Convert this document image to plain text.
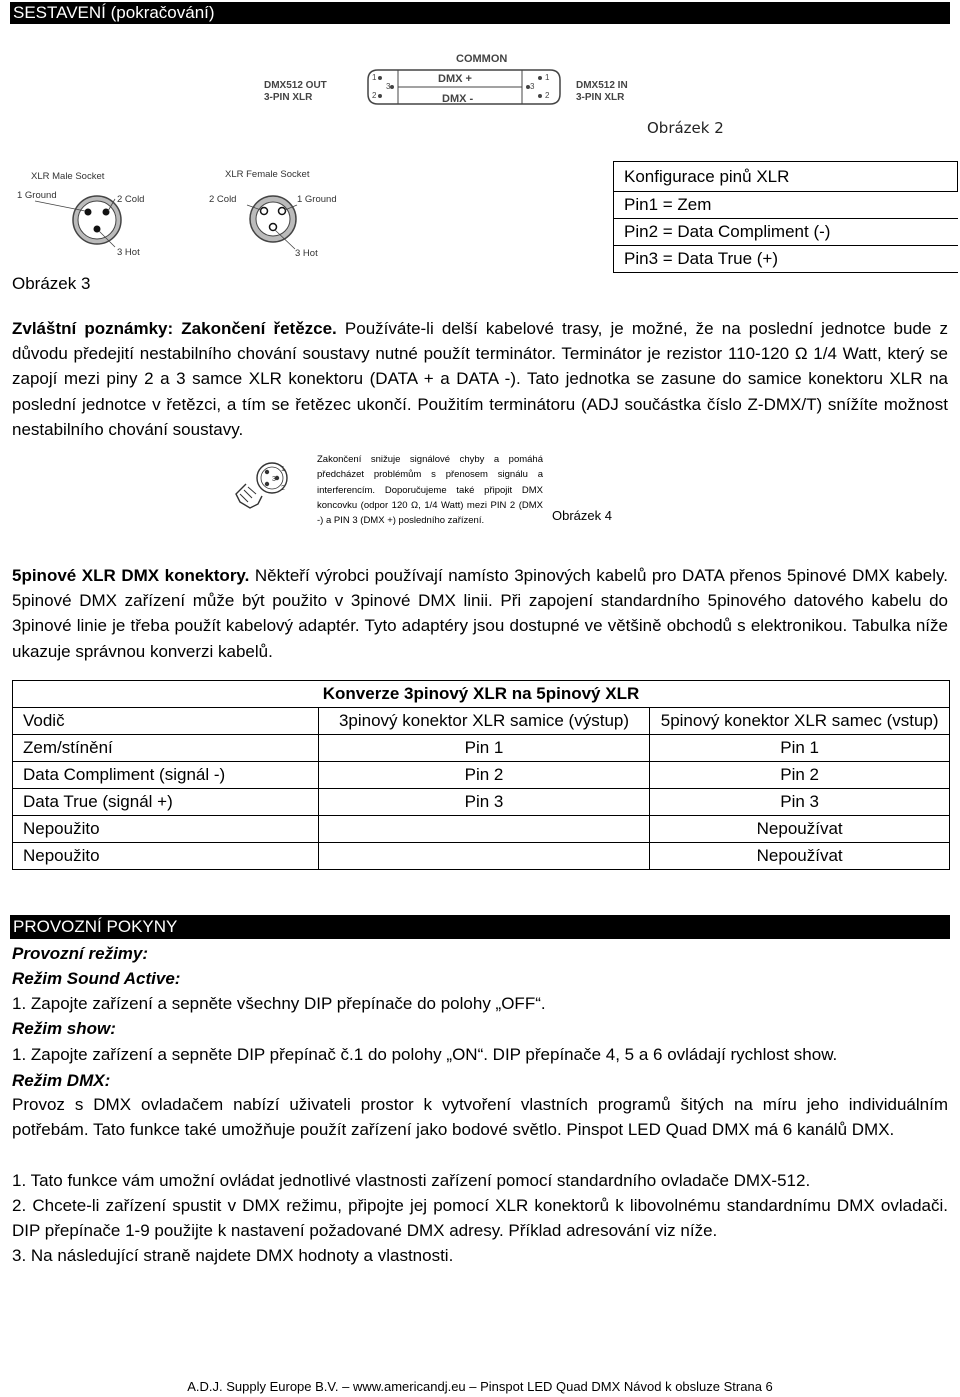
SESTAVENÍ (pokračování)
COMMON
DMX512 OUT
3-PIN XLR
DMX +
DMX -
1
3
2
1
3
2
DMX512 IN
3-PIN XLR
Obrázek 2
XLR Male Socket
1 Ground	2 Cold
3 Hot
XLR Female Socket
2 Cold	1 Ground
3 Hot
Obrázek 3
Konfigurace pinů XLR
Pin1 = Zem
Pin2 = Data Compliment (-)
Pin3 = Data True (+)
Zvláštní poznámky: Zakončení řetězce. Používáte-li delší kabelové trasy, je možné, že na poslední jednotce bude z důvodu předejití nestabilního chování soustavy nutné použít terminátor. Terminátor je rezistor 110-120 Ω 1/4 Watt, který se zapojí mezi piny 2 a 3 samce XLR konektoru (DATA + a DATA -). Tato jednotka se zasune do samice konektoru XLR na poslední jednotce v řetězci, a tím se řetězec ukončí. Použitím terminátoru (ADJ součástka číslo Z-DMX/T) snížíte možnost nestabilního chování soustavy.
1
3
2
Zakončení snižuje signálové chyby a pomáhá předcházet problémům s přenosem signálu a interferencím. Doporučujeme také připojit DMX koncovku (odpor 120 Ω, 1/4 Watt) mezi PIN 2 (DMX -) a PIN 3 (DMX +) posledního zařízení.	Obrázek 4
5pinové XLR DMX konektory. Někteří výrobci používají namísto 3pinových kabelů pro DATA přenos 5pinové DMX kabely. 5pinové DMX zařízení může být použito v 3pinové DMX linii. Při zapojení standardního 5pinového datového kabelu do 3pinové linie je třeba použít kabelový adaptér. Tyto adaptéry jsou dostupné ve většině obchodů s elektronikou. Tabulka níže ukazuje správnou konverzi kabelů.
Konverze 3pinový XLR na 5pinový XLR		
Vodič	3pinový konektor XLR samice (výstup)	5pinový konektor XLR samec (vstup)
Zem/stínění	Pin 1	Pin 1
Data Compliment (signál -)	Pin 2	Pin 2
Data True (signál +)	Pin 3	Pin 3
Nepoužito		Nepoužívat
Nepoužito		Nepoužívat
PROVOZNÍ POKYNY
Provozní režimy:
Režim Sound Active:
1. Zapojte zařízení a sepněte všechny DIP přepínače do polohy „OFF“.
Režim show:
1. Zapojte zařízení a sepněte DIP přepínač č.1 do polohy „ON“. DIP přepínače 4, 5 a 6 ovládají rychlost show.
Režim DMX:
Provoz s DMX ovladačem nabízí uživateli prostor k vytvoření vlastních programů šitých na míru jeho individuálním potřebám. Tato funkce také umožňuje použít zařízení jako bodové světlo. Pinspot LED Quad DMX má 6 kanálů DMX.
1. Tato funkce vám umožní ovládat jednotlivé vlastnosti zařízení pomocí standardního ovladače DMX-512.
2. Chcete-li zařízení spustit v DMX režimu, připojte jej pomocí XLR konektorů k libovolnému standardnímu DMX ovladači. DIP přepínače 1-9 použijte k nastavení požadované DMX adresy. Příklad adresování viz níže.
3. Na následující straně najdete DMX hodnoty a vlastnosti.
A.D.J. Supply Europe B.V. – www.americandj.eu – Pinspot LED Quad DMX Návod k obsluze Strana 6
